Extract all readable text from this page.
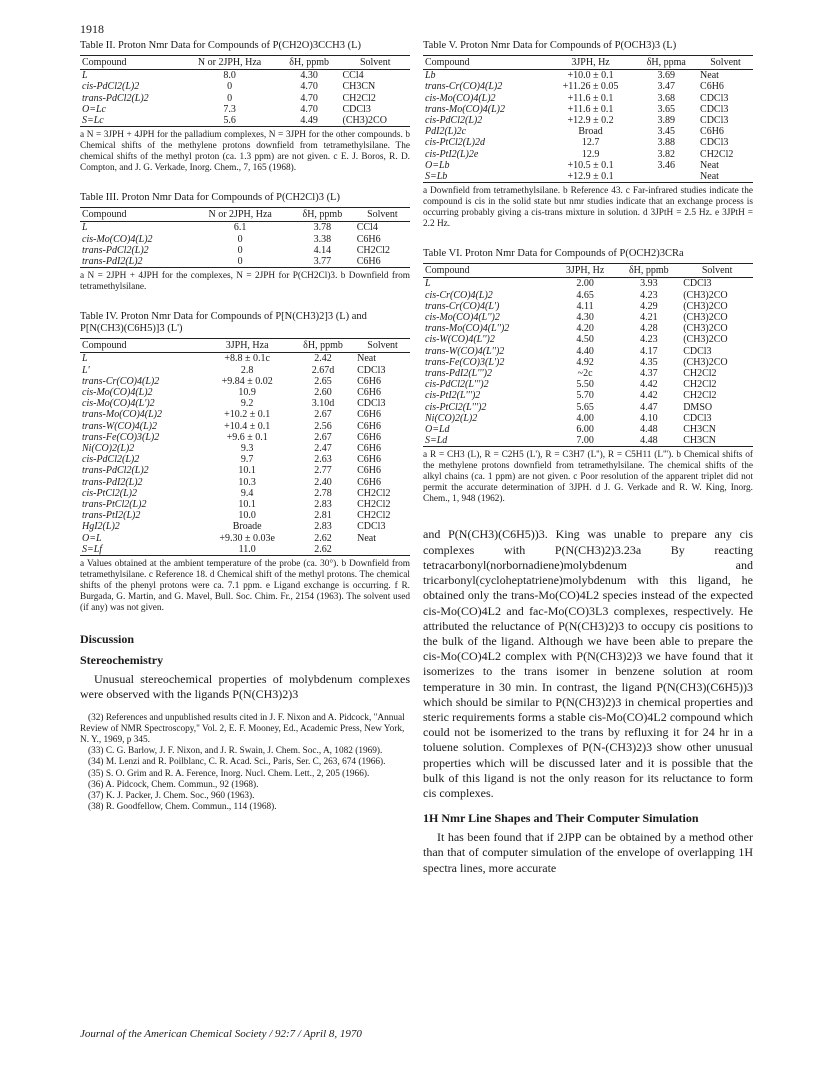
1918

Table II. Proton Nmr Data for Compounds of P(CH2O)3CCH3 (L)

Compound	N or 2JPH, Hza	δH, ppmb	Solvent
L	8.0	4.30	CCl4
cis-PdCl2(L)2	0	4.70	CH3CN
trans-PdCl2(L)2	0	4.70	CH2Cl2
O=Lc	7.3	4.70	CDCl3
S=Lc	5.6	4.49	(CH3)2CO

a N = 3JPH + 4JPH for the palladium complexes, N = 3JPH for the other compounds. b Chemical shifts of the methylene protons downfield from tetramethylsilane. The chemical shifts of the methyl proton (ca. 1.3 ppm) are not given. c E. J. Boros, R. D. Compton, and J. G. Verkade, Inorg. Chem., 7, 165 (1968).

Table III. Proton Nmr Data for Compounds of P(CH2Cl)3 (L)

Compound	N or 2JPH, Hza	δH, ppmb	Solvent
L	6.1	3.78	CCl4
cis-Mo(CO)4(L)2	0	3.38	C6H6
trans-PdCl2(L)2	0	4.14	CH2Cl2
trans-PdI2(L)2	0	3.77	C6H6

a N = 2JPH + 4JPH for the complexes, N = 2JPH for P(CH2Cl)3. b Downfield from tetramethylsilane.

Table IV. Proton Nmr Data for Compounds of P[N(CH3)2]3 (L) and P[N(CH3)(C6H5)]3 (L')

Compound	3JPH, Hza	δH, ppmb	Solvent
L	+8.8 ± 0.1c	2.42	Neat
L'	2.8	2.67d	CDCl3
trans-Cr(CO)4(L)2	+9.84 ± 0.02	2.65	C6H6
cis-Mo(CO)4(L)2	10.9	2.60	C6H6
cis-Mo(CO)4(L')2	9.2	3.10d	CDCl3
trans-Mo(CO)4(L)2	+10.2 ± 0.1	2.67	C6H6
trans-W(CO)4(L)2	+10.4 ± 0.1	2.56	C6H6
trans-Fe(CO)3(L)2	+9.6 ± 0.1	2.67	C6H6
Ni(CO)2(L)2	9.3	2.47	C6H6
cis-PdCl2(L)2	9.7	2.63	C6H6
trans-PdCl2(L)2	10.1	2.77	C6H6
trans-PdI2(L)2	10.3	2.40	C6H6
cis-PtCl2(L)2	9.4	2.78	CH2Cl2
trans-PtCl2(L)2	10.1	2.83	CH2Cl2
trans-PtI2(L)2	10.0	2.81	CH2Cl2
HgI2(L)2	Broade	2.83	CDCl3
O=L	+9.30 ± 0.03e	2.62	Neat
S=Lf	11.0	2.62	

a Values obtained at the ambient temperature of the probe (ca. 30°). b Downfield from tetramethylsilane. c Reference 18. d Chemical shift of the methyl protons. The chemical shifts of the phenyl protons were ca. 7.1 ppm. e Ligand exchange is occurring. f R. Burgada, G. Martin, and G. Mavel, Bull. Soc. Chim. Fr., 2154 (1963). The solvent used (if any) was not given.

Discussion

Stereochemistry

Unusual stereochemical properties of molybdenum complexes were observed with the ligands P(N(CH3)2)3

(32) References and unpublished results cited in J. F. Nixon and A. Pidcock, "Annual Review of NMR Spectroscopy," Vol. 2, E. F. Mooney, Ed., Academic Press, New York, N. Y., 1969, p 345.

(33) C. G. Barlow, J. F. Nixon, and J. R. Swain, J. Chem. Soc., A, 1082 (1969).

(34) M. Lenzi and R. Poilblanc, C. R. Acad. Sci., Paris, Ser. C, 263, 674 (1966).

(35) S. O. Grim and R. A. Ference, Inorg. Nucl. Chem. Lett., 2, 205 (1966).

(36) A. Pidcock, Chem. Commun., 92 (1968).

(37) K. J. Packer, J. Chem. Soc., 960 (1963).

(38) R. Goodfellow, Chem. Commun., 114 (1968).

Table V. Proton Nmr Data for Compounds of P(OCH3)3 (L)

Compound	3JPH, Hz	δH, ppma	Solvent
Lb	+10.0 ± 0.1	3.69	Neat
trans-Cr(CO)4(L)2	+11.26 ± 0.05	3.47	C6H6
cis-Mo(CO)4(L)2	+11.6 ± 0.1	3.68	CDCl3
trans-Mo(CO)4(L)2	+11.6 ± 0.1	3.65	CDCl3
cis-PdCl2(L)2	+12.9 ± 0.2	3.89	CDCl3
PdI2(L)2c	Broad	3.45	C6H6
cis-PtCl2(L)2d	12.7	3.88	CDCl3
cis-PtI2(L)2e	12.9	3.82	CH2Cl2
O=Lb	+10.5 ± 0.1	3.46	Neat
S=Lb	+12.9 ± 0.1		Neat

a Downfield from tetramethylsilane. b Reference 43. c Far-infrared studies indicate the compound is cis in the solid state but nmr studies indicate that an exchange process is occurring probably giving a cis-trans mixture in solution. d 3JPtH = 2.5 Hz. e 3JPtH = 2.2 Hz.

Table VI. Proton Nmr Data for Compounds of P(OCH2)3CRa

Compound	3JPH, Hz	δH, ppmb	Solvent
L	2.00	3.93	CDCl3
cis-Cr(CO)4(L)2	4.65	4.23	(CH3)2CO
trans-Cr(CO)4(L')	4.11	4.29	(CH3)2CO
cis-Mo(CO)4(L'')2	4.30	4.21	(CH3)2CO
trans-Mo(CO)4(L'')2	4.20	4.28	(CH3)2CO
cis-W(CO)4(L'')2	4.50	4.23	(CH3)2CO
trans-W(CO)4(L'')2	4.40	4.17	CDCl3
trans-Fe(CO)3(L')2	4.92	4.35	(CH3)2CO
trans-PdI2(L''')2	~2c	4.37	CH2Cl2
cis-PdCl2(L''')2	5.50	4.42	CH2Cl2
cis-PtI2(L''')2	5.70	4.42	CH2Cl2
cis-PtCl2(L''')2	5.65	4.47	DMSO
Ni(CO)2(L)2	4.00	4.10	CDCl3
O=Ld	6.00	4.48	CH3CN
S=Ld	7.00	4.48	CH3CN

a R = CH3 (L), R = C2H5 (L'), R = C3H7 (L''), R = C5H11 (L'''). b Chemical shifts of the methylene protons downfield from tetramethylsilane. The chemical shifts of the alkyl chains (ca. 1 ppm) are not given. c Poor resolution of the apparent triplet did not permit the accurate determination of 3JPH. d J. G. Verkade and R. W. King, Inorg. Chem., 1, 948 (1962).

and P(N(CH3)(C6H5))3. King was unable to prepare any cis complexes with P(N(CH3)2)3.23a By reacting tetracarbonyl(norbornadiene)molybdenum and tricarbonyl(cycloheptatriene)molybdenum with this ligand, he obtained only the trans-Mo(CO)4L2 species instead of the expected cis-Mo(CO)4L2 and fac-Mo(CO)3L3 complexes, respectively. He attributed the reluctance of P(N(CH3)2)3 to occupy cis positions to the bulk of the ligand. Although we have been able to prepare the cis-Mo(CO)4L2 complex with P(N(CH3)2)3 we have found that it isomerizes to the trans isomer in benzene solution at room temperature in 30 min. In contrast, the ligand P(N(CH3)(C6H5))3 which should be similar to P(N(CH3)2)3 in chemical properties and steric requirements forms a stable cis-Mo(CO)4L2 compound which could not be isomerized to the trans by refluxing it for 24 hr in a toluene solution. Complexes of P(N-(CH3)2)3 show other unusual properties which will be discussed later and it is possible that the bulk of this ligand is not the only reason for its reluctance to form cis complexes.

1H Nmr Line Shapes and Their Computer Simulation

It has been found that if 2JPP can be obtained by a method other than that of computer simulation of the envelope of overlapping 1H spectra lines, more accurate

Journal of the American Chemical Society / 92:7 / April 8, 1970
